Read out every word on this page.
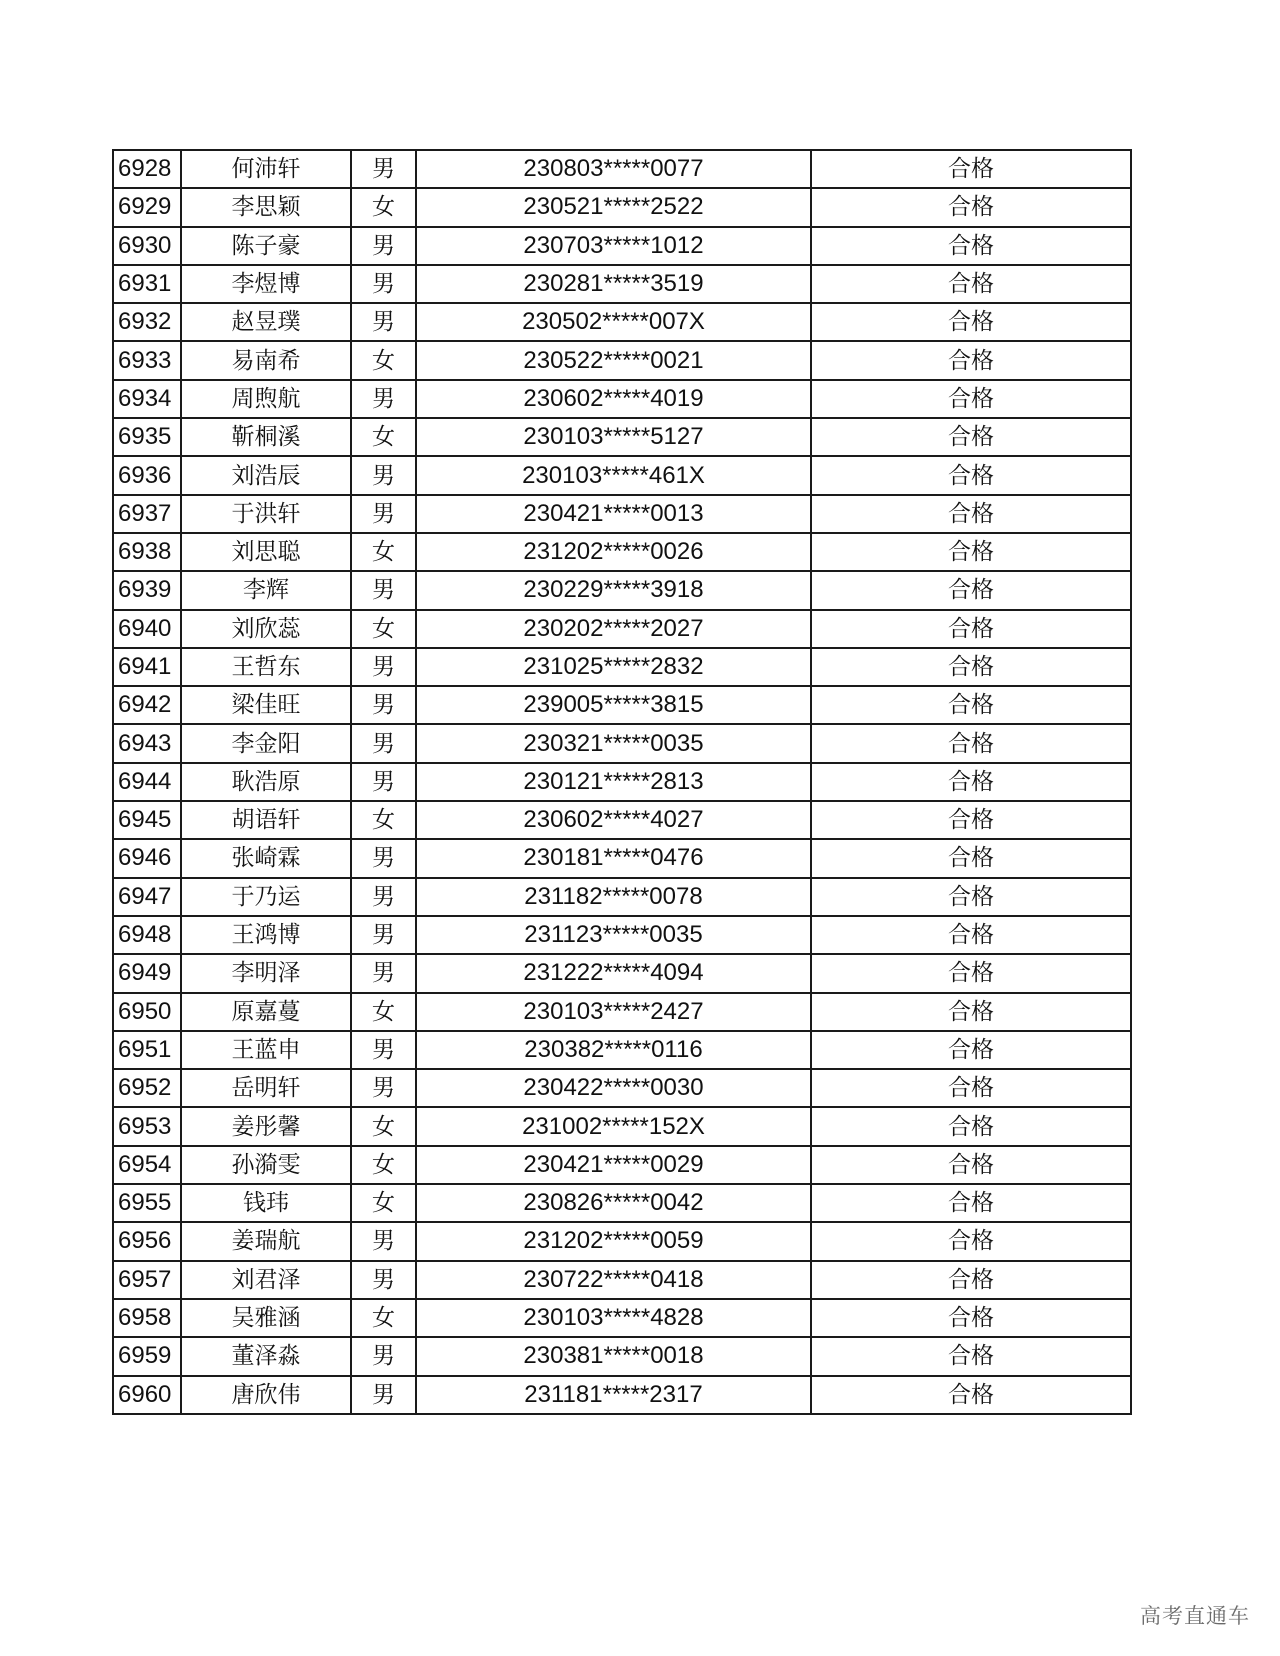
6928	何沛轩	男	230803*****0077	合格
6929	李思颖	女	230521*****2522	合格
6930	陈子豪	男	230703*****1012	合格
6931	李煜博	男	230281*****3519	合格
6932	赵昱璞	男	230502*****007X	合格
6933	易南希	女	230522*****0021	合格
6934	周煦航	男	230602*****4019	合格
6935	靳桐溪	女	230103*****5127	合格
6936	刘浩辰	男	230103*****461X	合格
6937	于洪轩	男	230421*****0013	合格
6938	刘思聪	女	231202*****0026	合格
6939	李辉	男	230229*****3918	合格
6940	刘欣蕊	女	230202*****2027	合格
6941	王哲东	男	231025*****2832	合格
6942	梁佳旺	男	239005*****3815	合格
6943	李金阳	男	230321*****0035	合格
6944	耿浩原	男	230121*****2813	合格
6945	胡语轩	女	230602*****4027	合格
6946	张崎霖	男	230181*****0476	合格
6947	于乃运	男	231182*****0078	合格
6948	王鸿博	男	231123*****0035	合格
6949	李明泽	男	231222*****4094	合格
6950	原嘉蔓	女	230103*****2427	合格
6951	王蓝申	男	230382*****0116	合格
6952	岳明轩	男	230422*****0030	合格
6953	姜彤馨	女	231002*****152X	合格
6954	孙漪雯	女	230421*****0029	合格
6955	钱玮	女	230826*****0042	合格
6956	姜瑞航	男	231202*****0059	合格
6957	刘君泽	男	230722*****0418	合格
6958	吴雅涵	女	230103*****4828	合格
6959	董泽淼	男	230381*****0018	合格
6960	唐欣伟	男	231181*****2317	合格
高考直通车
